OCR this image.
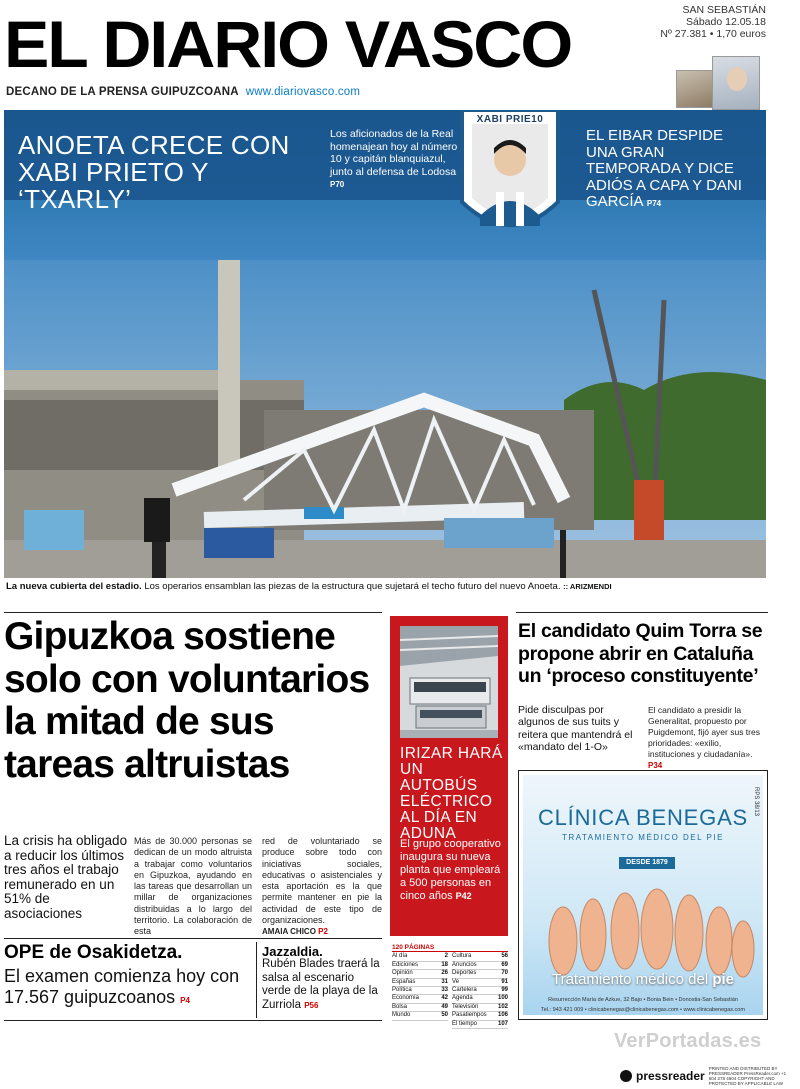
EL DIARIO VASCO
DECANO DE LA PRENSA GUIPUZCOANA www.diariovasco.com
SAN SEBASTIÁN
Sábado 12.05.18
Nº 27.381 • 1,70 euros
ANOETA CRECE CON XABI PRIETO Y ‘TXARLY’
Los aficionados de la Real homenajean hoy al número 10 y capitán blanquiazul, junto al defensa de Lodosa P70
XABI PRIE10
EL EIBAR DESPIDE UNA GRAN TEMPORADA Y DICE ADIÓS A CAPA Y DANI GARCÍA P74
La nueva cubierta del estadio. Los operarios ensamblan las piezas de la estructura que sujetará el techo futuro del nuevo Anoeta. :: ARIZMENDI
Gipuzkoa sostiene solo con voluntarios la mitad de sus tareas altruistas
La crisis ha obligado a reducir los últimos tres años el trabajo remunerado en un 51% de asociaciones
Más de 30.000 personas se dedican de un modo altruista a trabajar como voluntarios en Gipuzkoa, ayudando en las tareas que desarrollan un millar de organizaciones distribuidas a lo largo del territorio. La colaboración de esta
red de voluntariado se produce sobre todo con iniciativas sociales, educativas o asistenciales y esta aportación es la que permite mantener en pie la actividad de este tipo de organizaciones.
AMAIA CHICO P2
OPE de Osakidetza.
El examen comienza hoy con 17.567 guipuzcoanos P4
Jazzaldia.
Rubén Blades traerá la salsa al escenario verde de la playa de la Zurriola P56
IRIZAR HARÁ UN AUTOBÚS ELÉCTRICO AL DÍA EN ADUNA
El grupo cooperativo inaugura su nueva planta que empleará a 500 personas en cinco años P42
120 PÁGINAS
Al día	2
Ediciones	18
Opinión	26
Españas	31
Política	33
Economía	42
Bolsa	49
Mundo	50
Cultura	56
Anuncios	69
Deportes	70
Ve	91
Cartelera	99
Agenda	100
Televisión	102
Pasatiempos 106
El tiempo	107
El candidato Quim Torra se propone abrir en Cataluña un ‘proceso constituyente’
Pide disculpas por algunos de sus tuits y reitera que mantendrá el «mandato del 1-O»
El candidato a presidir la Generalitat, propuesto por Puigdemont, fijó ayer sus tres prioridades: «exilio, instituciones y ciudadanía». P34
CLÍNICA BENEGAS
TRATAMIENTO MÉDICO DEL PIE
DESDE 1879
RPS 38/13
Tratamiento médico del pie
Resurrección María de Azkue, 32 Bajo • Bonia Bein • Donostia-San Sebastián
Tel.: 943 421 009 • clinicabenegas@clinicabenegas.com • www.clinicabenegas.com
VerPortadas.es
pressreader
PRINTED AND DISTRIBUTED BY PRESSREADER PressReader.com +1 604 278 4604 COPYRIGHT AND PROTECTED BY APPLICABLE LAW
